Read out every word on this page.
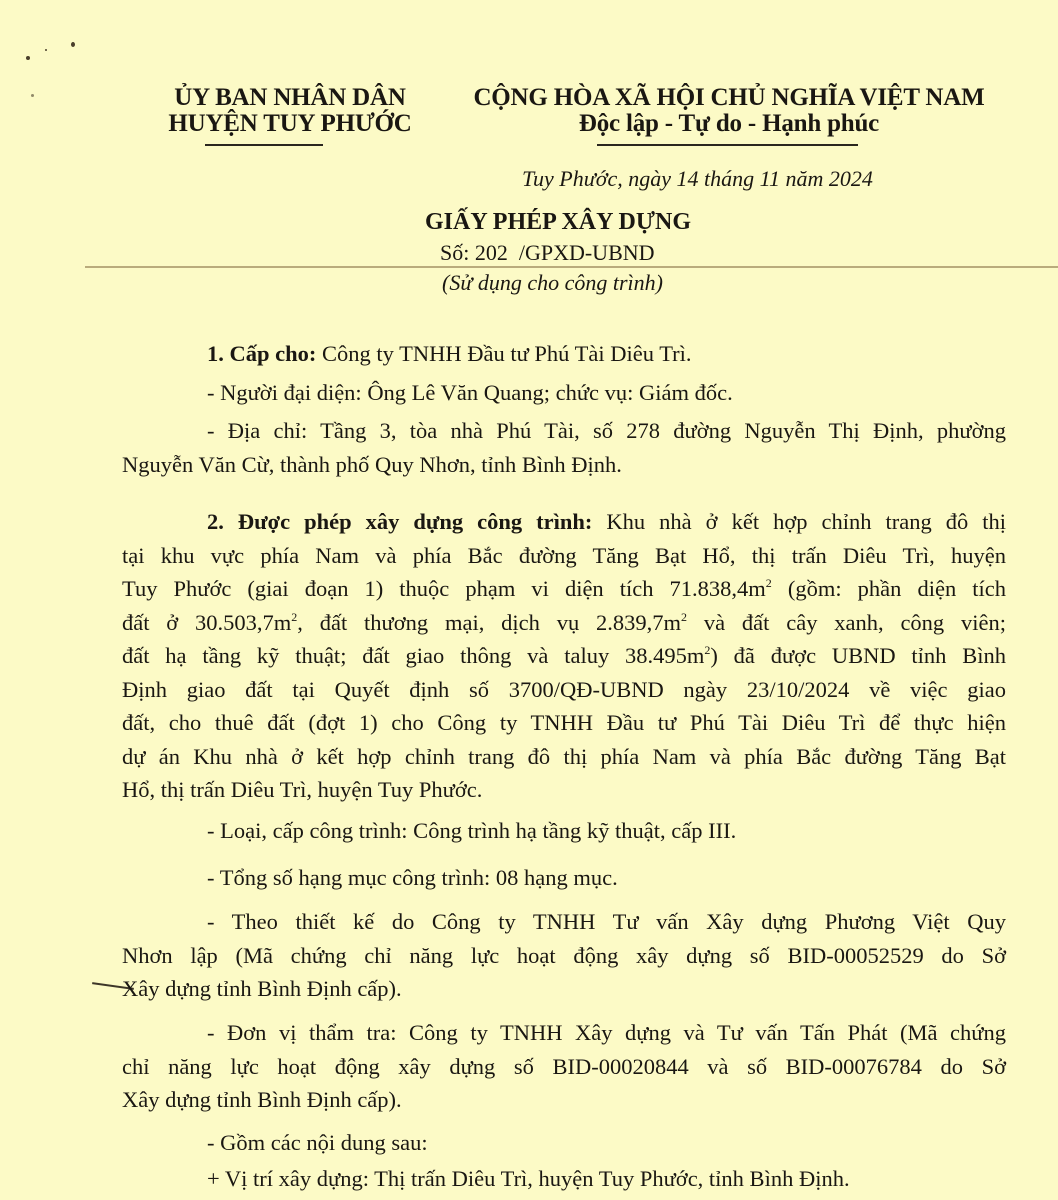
ỦY BAN NHÂN DÂN
HUYỆN TUY PHƯỚC
CỘNG HÒA XÃ HỘI CHỦ NGHĨA VIỆT NAM
Độc lập - Tự do - Hạnh phúc
Tuy Phước, ngày 14 tháng 11 năm 2024
GIẤY PHÉP XÂY DỰNG
Số: 202  /GPXD-UBND
(Sử dụng cho công trình)
1. Cấp cho: Công ty TNHH Đầu tư Phú Tài Diêu Trì.
- Người đại diện: Ông Lê Văn Quang; chức vụ: Giám đốc.
- Địa chỉ: Tầng 3, tòa nhà Phú Tài, số 278 đường Nguyễn Thị Định, phường
Nguyễn Văn Cừ, thành phố Quy Nhơn, tỉnh Bình Định.
2. Được phép xây dựng công trình: Khu nhà ở kết hợp chỉnh trang đô thị
tại khu vực phía Nam và phía Bắc đường Tăng Bạt Hổ, thị trấn Diêu Trì, huyện
Tuy Phước (giai đoạn 1) thuộc phạm vi diện tích $71.838,4m^2$ (gồm: phần diện tích
đất ở $30.503,7m^2$, đất thương mại, dịch vụ $2.839,7m^2$ và đất cây xanh, công viên;
đất hạ tầng kỹ thuật; đất giao thông và taluy $38.495m^2$) đã được UBND tỉnh Bình
Định giao đất tại Quyết định số 3700/QĐ-UBND ngày 23/10/2024 về việc giao
đất, cho thuê đất (đợt 1) cho Công ty TNHH Đầu tư Phú Tài Diêu Trì để thực hiện
dự án Khu nhà ở kết hợp chỉnh trang đô thị phía Nam và phía Bắc đường Tăng Bạt
Hổ, thị trấn Diêu Trì, huyện Tuy Phước.
- Loại, cấp công trình: Công trình hạ tầng kỹ thuật, cấp III.
- Tổng số hạng mục công trình: 08 hạng mục.
- Theo thiết kế do Công ty TNHH Tư vấn Xây dựng Phương Việt Quy
Nhơn lập (Mã chứng chỉ năng lực hoạt động xây dựng số BID-00052529 do Sở
Xây dựng tỉnh Bình Định cấp).
- Đơn vị thẩm tra: Công ty TNHH Xây dựng và Tư vấn Tấn Phát (Mã chứng
chỉ năng lực hoạt động xây dựng số BID-00020844 và số BID-00076784 do Sở
Xây dựng tỉnh Bình Định cấp).
- Gồm các nội dung sau:
+ Vị trí xây dựng: Thị trấn Diêu Trì, huyện Tuy Phước, tỉnh Bình Định.
